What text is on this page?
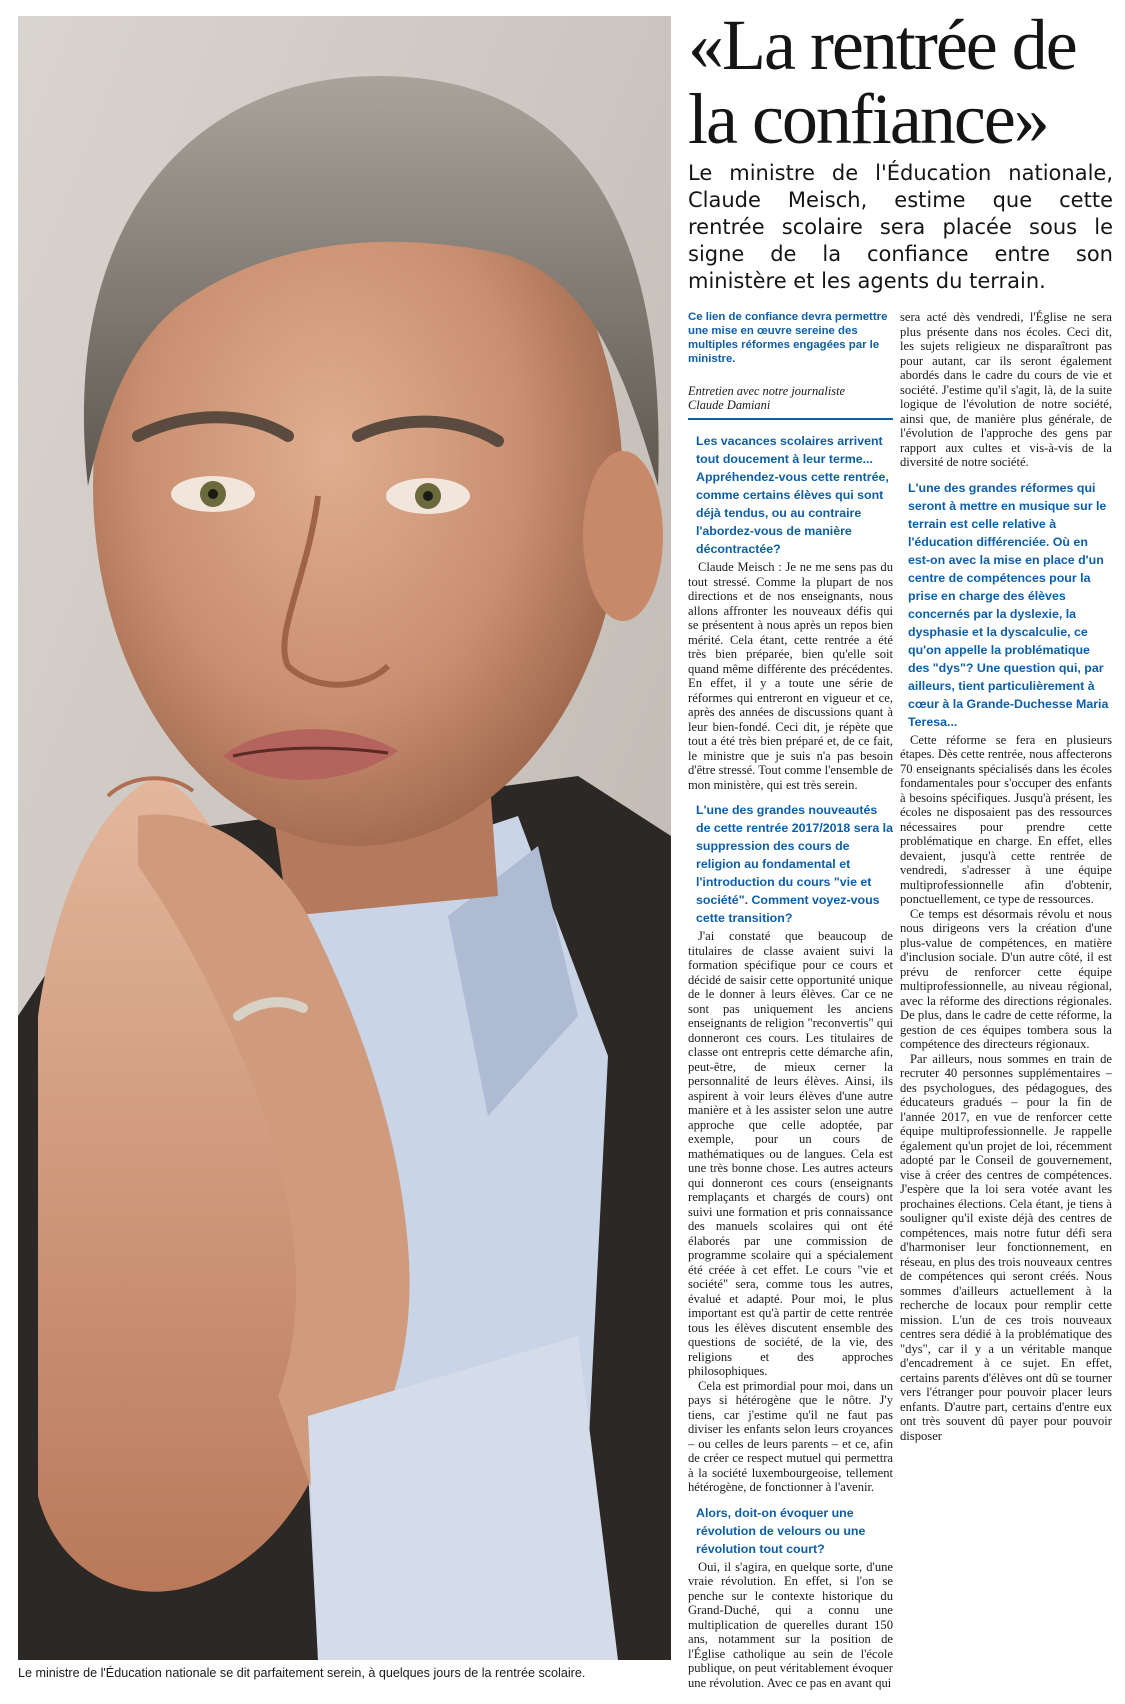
Le ministre de l'Éducation nationale se dit parfaitement serein, à quelques jours de la rentrée scolaire.
«La rentrée de
la confiance»

Le ministre de l'Éducation nationale, Claude Meisch, estime que cette rentrée scolaire sera placée sous le signe de la confiance entre son ministère et les agents du terrain.

Ce lien de confiance devra permettre une mise en œuvre sereine des multiples réformes engagées par le ministre.
Entretien avec notre journaliste
Claude Damiani
Les vacances scolaires arrivent tout doucement à leur terme... Appréhendez-vous cette rentrée, comme certains élèves qui sont déjà tendus, ou au contraire l'abordez-vous de manière décontractée?

Claude Meisch : Je ne me sens pas du tout stressé. Comme la plupart de nos directions et de nos enseignants, nous allons affronter les nouveaux défis qui se présentent à nous après un repos bien mérité. Cela étant, cette rentrée a été très bien préparée, bien qu'elle soit quand même différente des précédentes. En effet, il y a toute une série de réformes qui entreront en vigueur et ce, après des années de discussions quant à leur bien-fondé. Ceci dit, je répète que tout a été très bien préparé et, de ce fait, le ministre que je suis n'a pas besoin d'être stressé. Tout comme l'ensemble de mon ministère, qui est très serein.

L'une des grandes nouveautés de cette rentrée 2017/2018 sera la suppression des cours de religion au fondamental et l'introduction du cours "vie et société". Comment voyez-vous cette transition?

J'ai constaté que beaucoup de titulaires de classe avaient suivi la formation spécifique pour ce cours et décidé de saisir cette opportunité unique de le donner à leurs élèves. Car ce ne sont pas uniquement les anciens enseignants de religion "reconvertis" qui donneront ces cours. Les titulaires de classe ont entrepris cette démarche afin, peut-être, de mieux cerner la personnalité de leurs élèves. Ainsi, ils aspirent à voir leurs élèves d'une autre manière et à les assister selon une autre approche que celle adoptée, par exemple, pour un cours de mathématiques ou de langues. Cela est une très bonne chose. Les autres acteurs qui donneront ces cours (enseignants remplaçants et chargés de cours) ont suivi une formation et pris connaissance des manuels scolaires qui ont été élaborés par une commission de programme scolaire qui a spécialement été créée à cet effet. Le cours "vie et société" sera, comme tous les autres, évalué et adapté. Pour moi, le plus important est qu'à partir de cette rentrée tous les élèves discutent ensemble des questions de société, de la vie, des religions et des approches philosophiques.

Cela est primordial pour moi, dans un pays si hétérogène que le nôtre. J'y tiens, car j'estime qu'il ne faut pas diviser les enfants selon leurs croyances – ou celles de leurs parents – et ce, afin de créer ce respect mutuel qui permettra à la société luxembourgeoise, tellement hétérogène, de fonctionner à l'avenir.

Alors, doit-on évoquer une révolution de velours ou une révolution tout court?

Oui, il s'agira, en quelque sorte, d'une vraie révolution. En effet, si l'on se penche sur le contexte historique du Grand-Duché, qui a connu une multiplication de querelles durant 150 ans, notamment sur la position de l'Église catholique au sein de l'école publique, on peut véritablement évoquer une révolution. Avec ce pas en avant qui

sera acté dès vendredi, l'Église ne sera plus présente dans nos écoles. Ceci dit, les sujets religieux ne disparaîtront pas pour autant, car ils seront également abordés dans le cadre du cours de vie et société. J'estime qu'il s'agit, là, de la suite logique de l'évolution de notre société, ainsi que, de manière plus générale, de l'évolution de l'approche des gens par rapport aux cultes et vis-à-vis de la diversité de notre société.

L'une des grandes réformes qui seront à mettre en musique sur le terrain est celle relative à l'éducation différenciée. Où en est-on avec la mise en place d'un centre de compétences pour la prise en charge des élèves concernés par la dyslexie, la dysphasie et la dyscalculie, ce qu'on appelle la problématique des "dys"? Une question qui, par ailleurs, tient particulièrement à cœur à la Grande-Duchesse Maria Teresa...

Cette réforme se fera en plusieurs étapes. Dès cette rentrée, nous affecterons 70 enseignants spécialisés dans les écoles fondamentales pour s'occuper des enfants à besoins spécifiques. Jusqu'à présent, les écoles ne disposaient pas des ressources nécessaires pour prendre cette problématique en charge. En effet, elles devaient, jusqu'à cette rentrée de vendredi, s'adresser à une équipe multiprofessionnelle afin d'obtenir, ponctuellement, ce type de ressources.

Ce temps est désormais révolu et nous nous dirigeons vers la création d'une plus-value de compétences, en matière d'inclusion sociale. D'un autre côté, il est prévu de renforcer cette équipe multiprofessionnelle, au niveau régional, avec la réforme des directions régionales. De plus, dans le cadre de cette réforme, la gestion de ces équipes tombera sous la compétence des directeurs régionaux.

Par ailleurs, nous sommes en train de recruter 40 personnes supplémentaires – des psychologues, des pédagogues, des éducateurs gradués – pour la fin de l'année 2017, en vue de renforcer cette équipe multiprofessionnelle. Je rappelle également qu'un projet de loi, récemment adopté par le Conseil de gouvernement, vise à créer des centres de compétences. J'espère que la loi sera votée avant les prochaines élections. Cela étant, je tiens à souligner qu'il existe déjà des centres de compétences, mais notre futur défi sera d'harmoniser leur fonctionnement, en réseau, en plus des trois nouveaux centres de compétences qui seront créés. Nous sommes d'ailleurs actuellement à la recherche de locaux pour remplir cette mission. L'un de ces trois nouveaux centres sera dédié à la problématique des "dys", car il y a un véritable manque d'encadrement à ce sujet. En effet, certains parents d'élèves ont dû se tourner vers l'étranger pour pouvoir placer leurs enfants. D'autre part, certains d'entre eux ont très souvent dû payer pour pouvoir disposer
